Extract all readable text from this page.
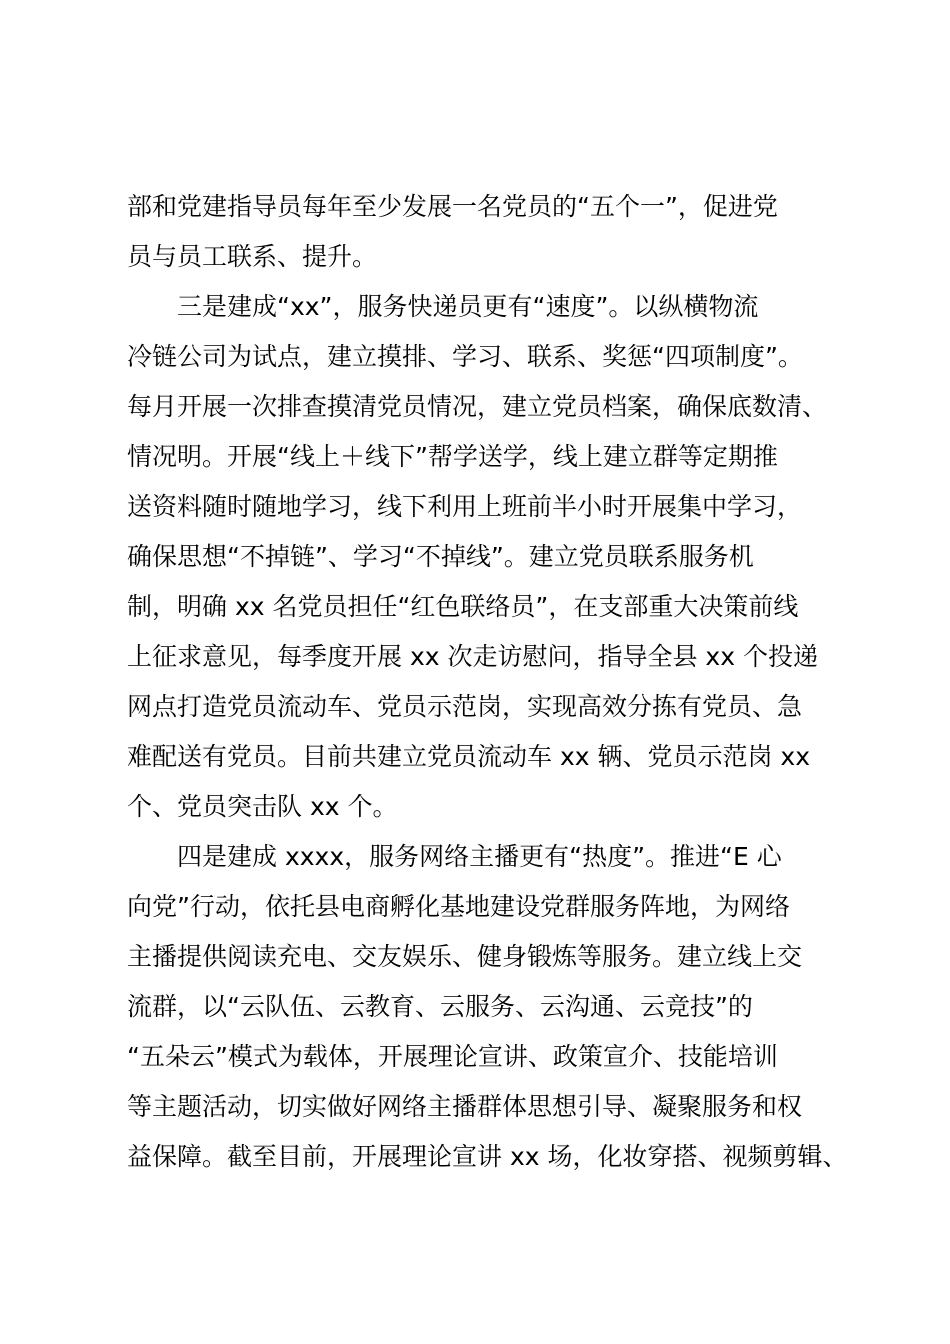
部和党建指导员每年至少发展一名党员的“五个一”，促进党
员与员工联系、提升。

　　三是建成“xx”，服务快递员更有“速度”。以纵横物流
冷链公司为试点，建立摸排、学习、联系、奖惩“四项制度”。
每月开展一次排查摸清党员情况，建立党员档案，确保底数清、
情况明。开展“线上＋线下”帮学送学，线上建立群等定期推
送资料随时随地学习，线下利用上班前半小时开展集中学习，
确保思想“不掉链”、学习“不掉线”。建立党员联系服务机
制，明确 xx 名党员担任“红色联络员”，在支部重大决策前线
上征求意见，每季度开展 xx 次走访慰问，指导全县 xx 个投递
网点打造党员流动车、党员示范岗，实现高效分拣有党员、急
难配送有党员。目前共建立党员流动车 xx 辆、党员示范岗 xx
个、党员突击队 xx 个。

　　四是建成 xxxx，服务网络主播更有“热度”。推进“E 心
向党”行动，依托县电商孵化基地建设党群服务阵地，为网络
主播提供阅读充电、交友娱乐、健身锻炼等服务。建立线上交
流群，以“云队伍、云教育、云服务、云沟通、云竞技”的
“五朵云”模式为载体，开展理论宣讲、政策宣介、技能培训
等主题活动，切实做好网络主播群体思想引导、凝聚服务和权
益保障。截至目前，开展理论宣讲 xx 场，化妆穿搭、视频剪辑、
